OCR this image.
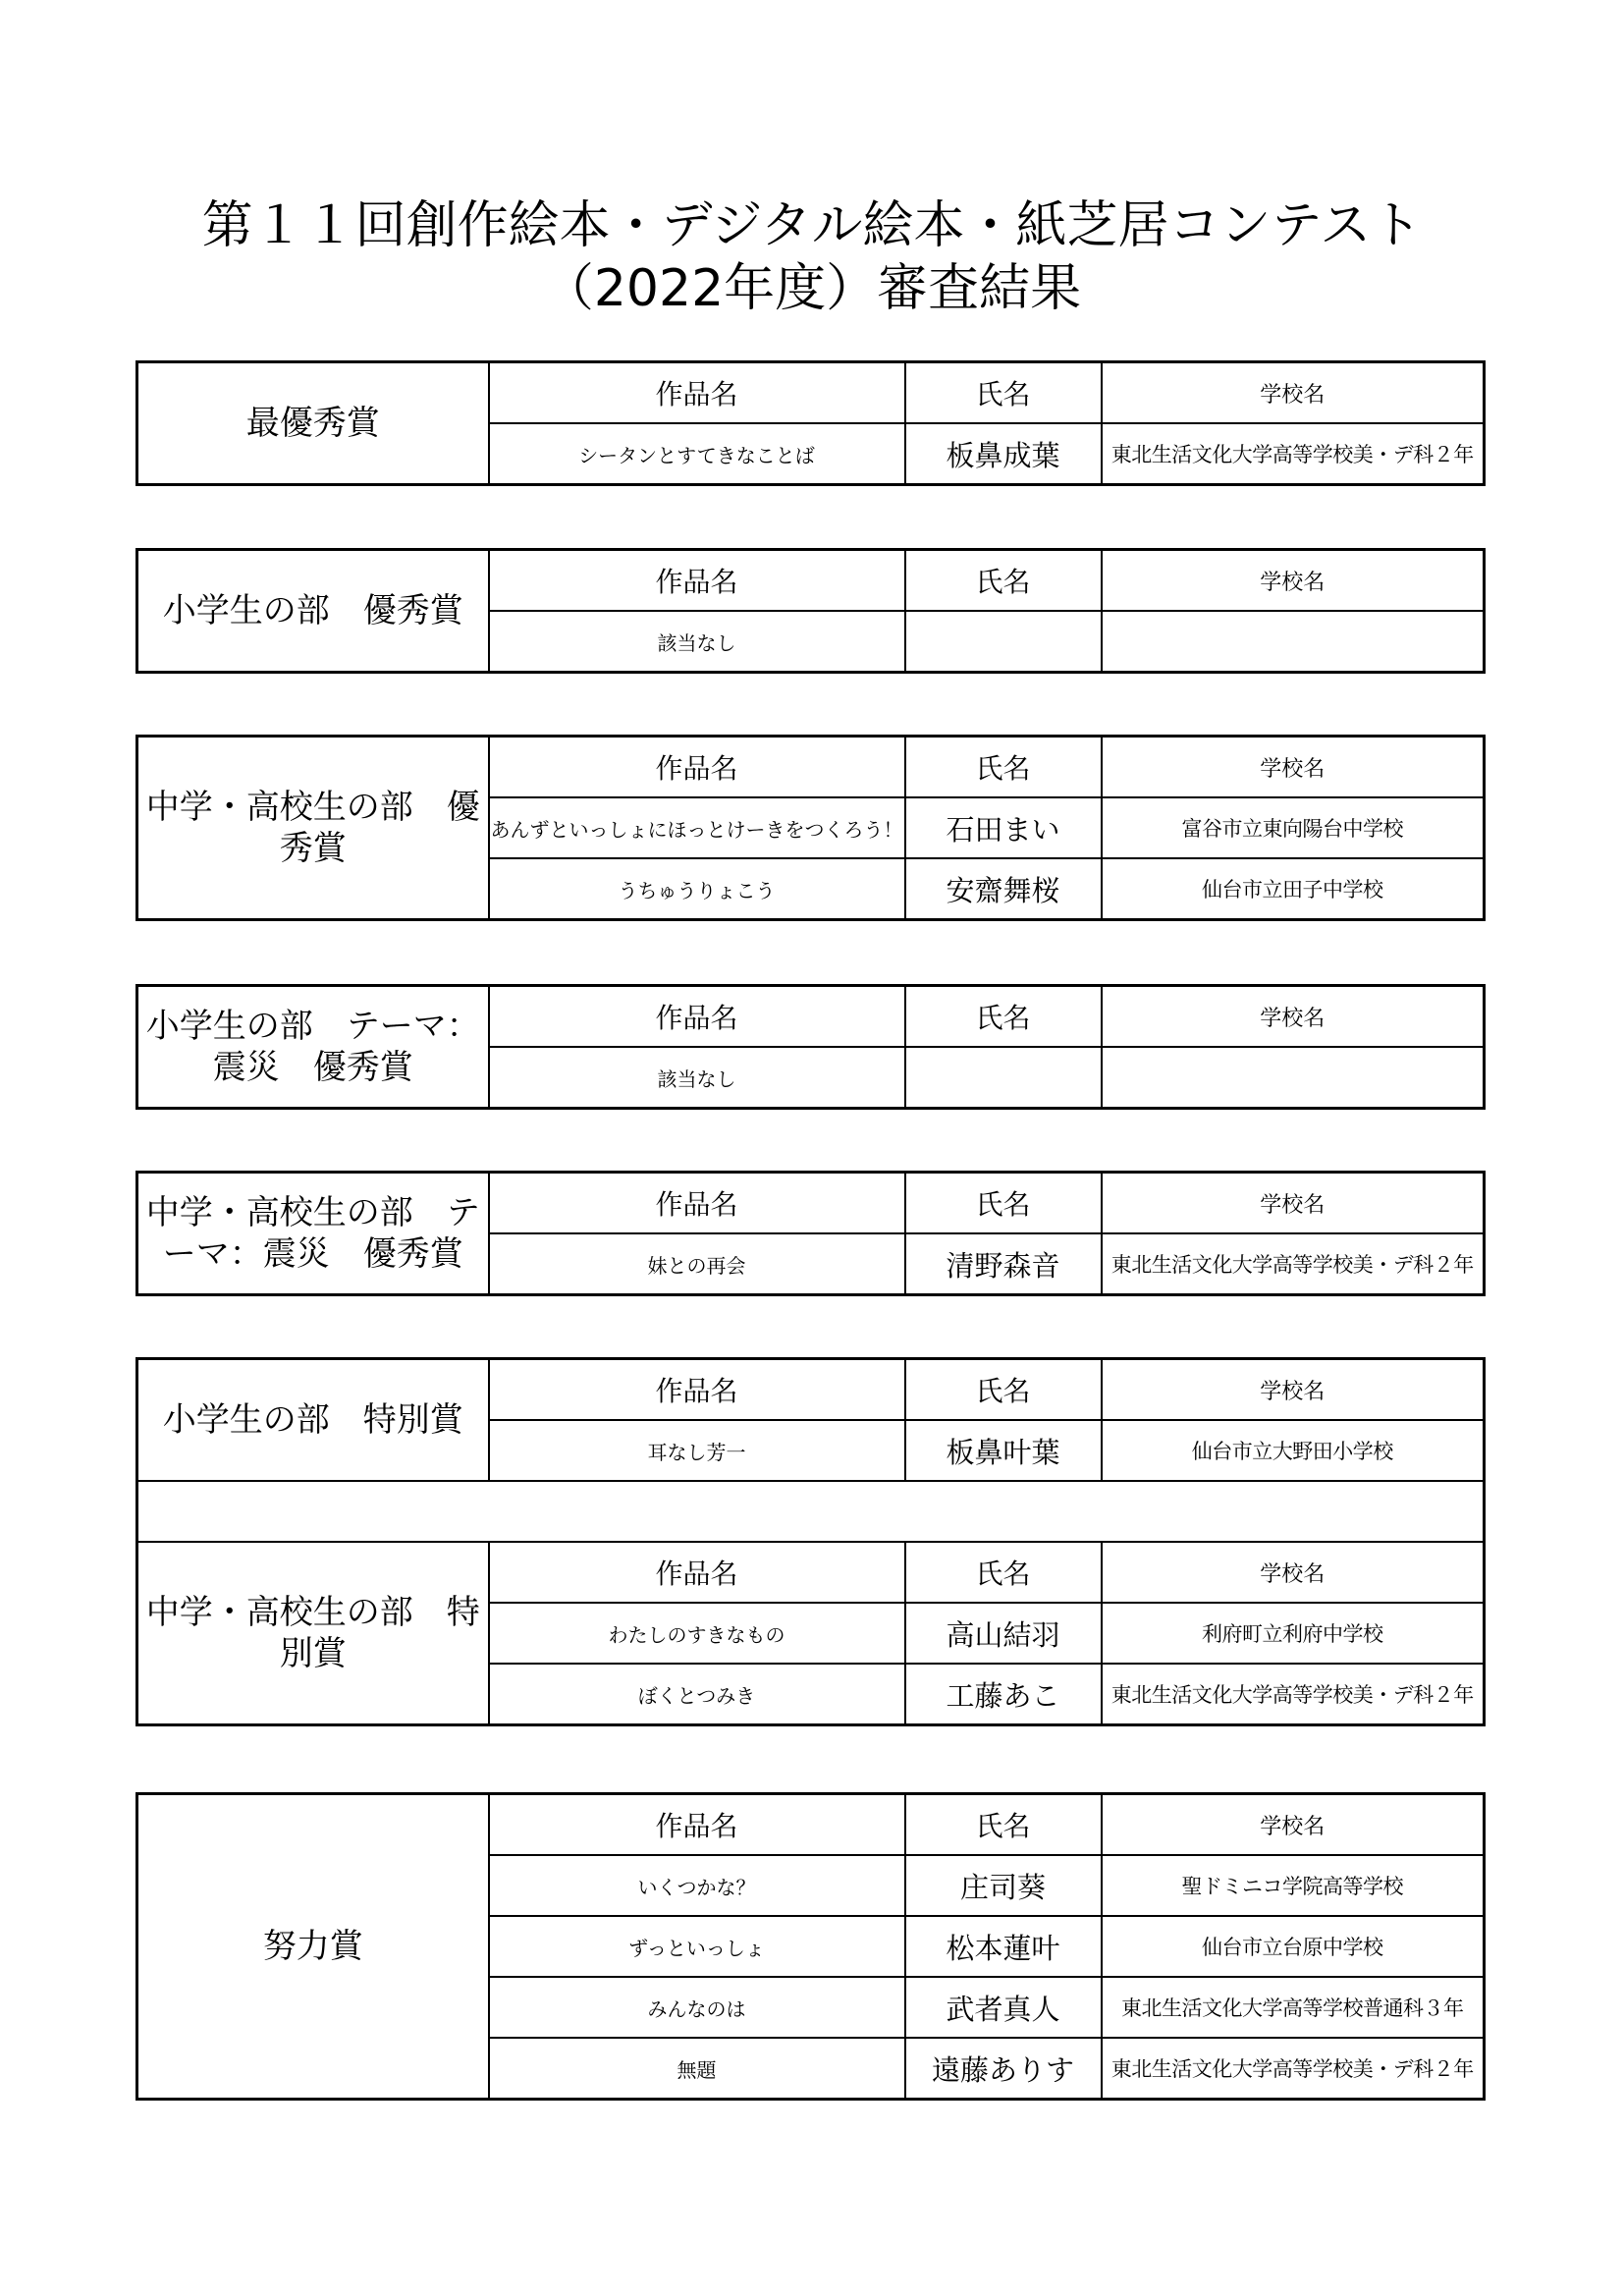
第１１回創作絵本・デジタル絵本・紙芝居コンテスト
（2022年度）審査結果
最優秀賞	作品名	氏名	学校名
	シータンとすてきなことば	板鼻成葉	東北生活文化大学高等学校美・デ科２年
小学生の部　優秀賞	作品名	氏名	学校名
	該当なし		
中学・高校生の部　優秀賞	作品名	氏名	学校名
	あんずといっしょにほっとけーきをつくろう！	石田まい	富谷市立東向陽台中学校
	うちゅうりょこう	安齋舞桜	仙台市立田子中学校
小学生の部　テーマ：震災　優秀賞	作品名	氏名	学校名
	該当なし		
中学・高校生の部　テーマ：震災　優秀賞	作品名	氏名	学校名
	妹との再会	清野森音	東北生活文化大学高等学校美・デ科２年
小学生の部　特別賞	作品名	氏名	学校名
	耳なし芳一	板鼻叶葉	仙台市立大野田小学校

中学・高校生の部　特別賞	作品名	氏名	学校名
	わたしのすきなもの	高山結羽	利府町立利府中学校
	ぼくとつみき	工藤あこ	東北生活文化大学高等学校美・デ科２年
努力賞	作品名	氏名	学校名
	いくつかな？	庄司葵	聖ドミニコ学院高等学校
	ずっといっしょ	松本蓮叶	仙台市立台原中学校
	みんなのは	武者真人	東北生活文化大学高等学校普通科３年
	無題	遠藤ありす	東北生活文化大学高等学校美・デ科２年
